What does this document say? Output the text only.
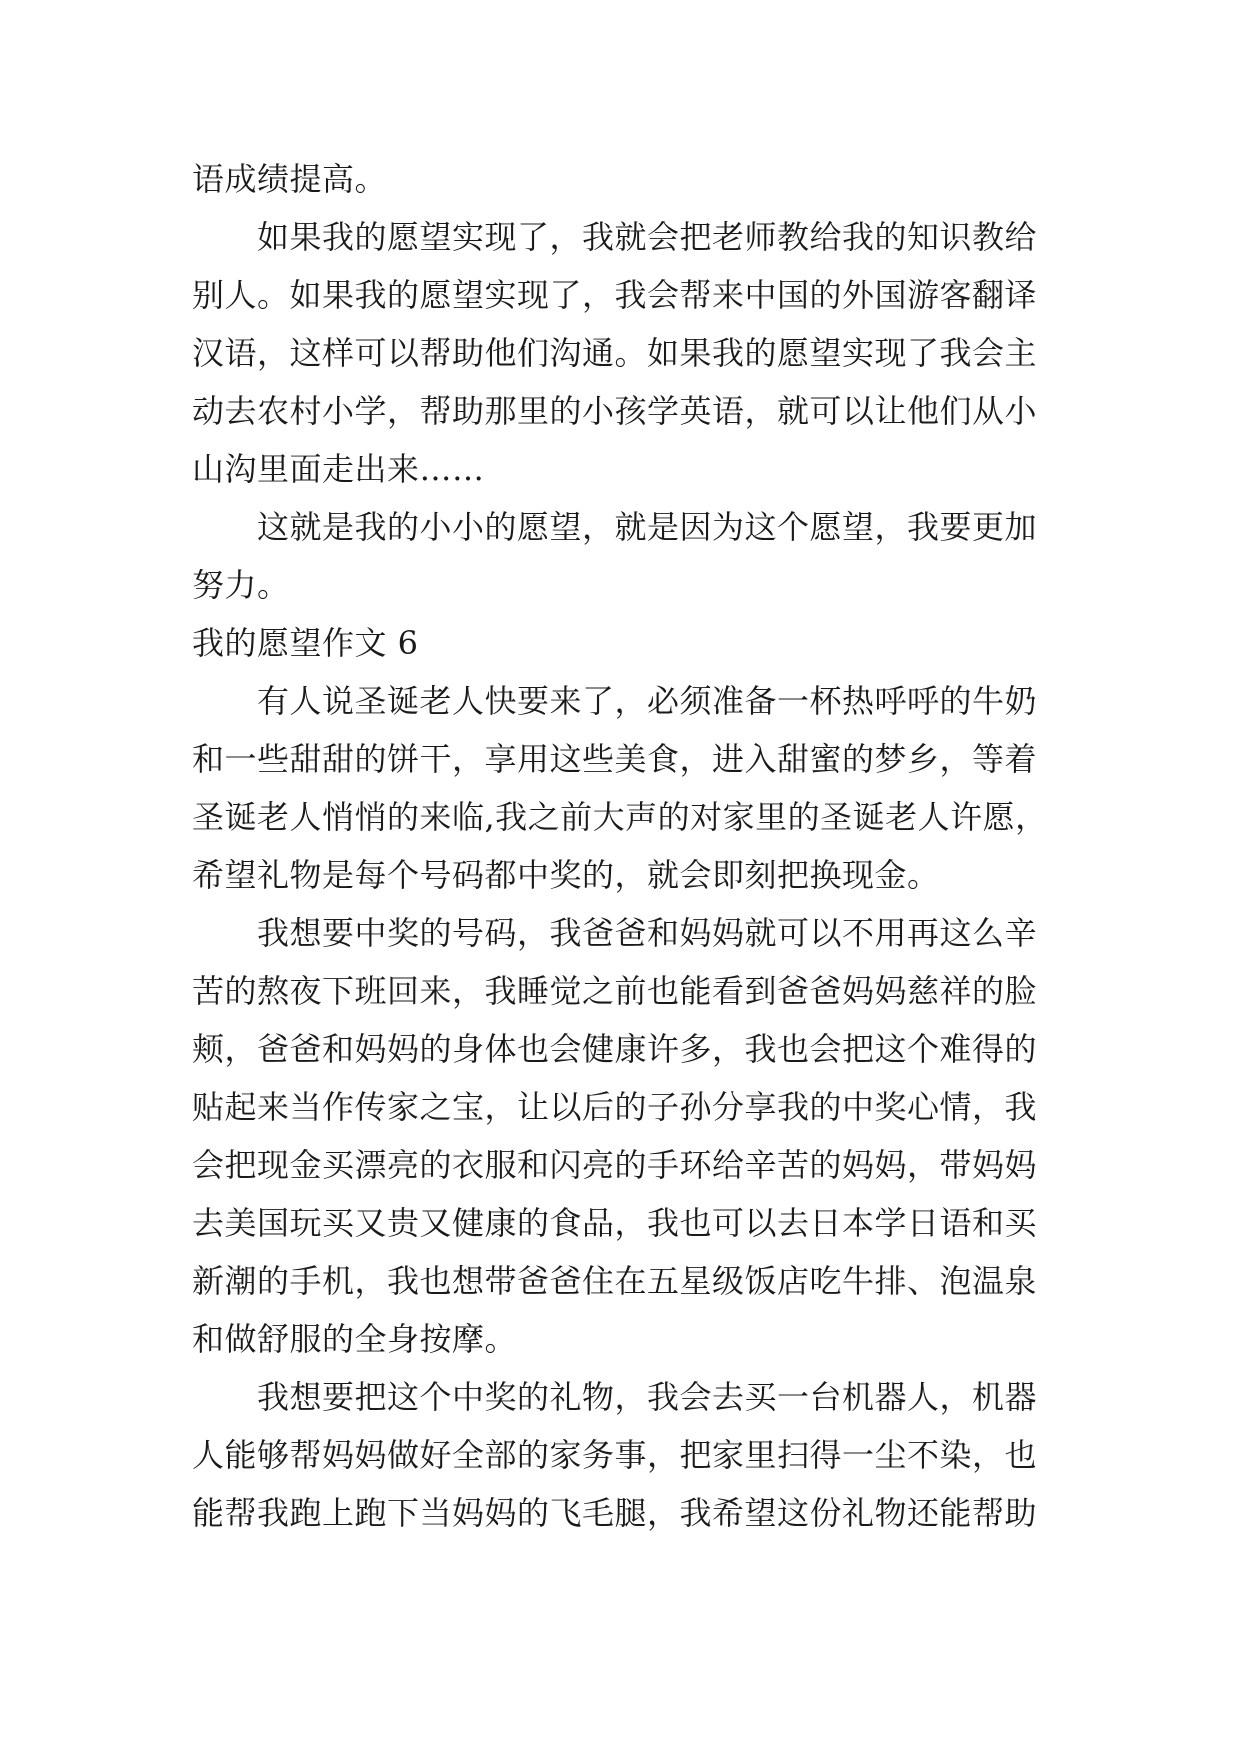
语成绩提高。
　　如果我的愿望实现了，我就会把老师教给我的知识教给
别人。如果我的愿望实现了，我会帮来中国的外国游客翻译
汉语，这样可以帮助他们沟通。如果我的愿望实现了我会主
动去农村小学，帮助那里的小孩学英语，就可以让他们从小
山沟里面走出来……
　　这就是我的小小的愿望，就是因为这个愿望，我要更加
努力。
我的愿望作文 6
　　有人说圣诞老人快要来了，必须准备一杯热呼呼的牛奶
和一些甜甜的饼干，享用这些美食，进入甜蜜的梦乡，等着
圣诞老人悄悄的来临,我之前大声的对家里的圣诞老人许愿，
希望礼物是每个号码都中奖的，就会即刻把换现金。
　　我想要中奖的号码，我爸爸和妈妈就可以不用再这么辛
苦的熬夜下班回来，我睡觉之前也能看到爸爸妈妈慈祥的脸
颊，爸爸和妈妈的身体也会健康许多，我也会把这个难得的
贴起来当作传家之宝，让以后的子孙分享我的中奖心情，我
会把现金买漂亮的衣服和闪亮的手环给辛苦的妈妈，带妈妈
去美国玩买又贵又健康的食品，我也可以去日本学日语和买
新潮的手机，我也想带爸爸住在五星级饭店吃牛排、泡温泉
和做舒服的全身按摩。
　　我想要把这个中奖的礼物，我会去买一台机器人，机器
人能够帮妈妈做好全部的家务事，把家里扫得一尘不染，也
能帮我跑上跑下当妈妈的飞毛腿，我希望这份礼物还能帮助
